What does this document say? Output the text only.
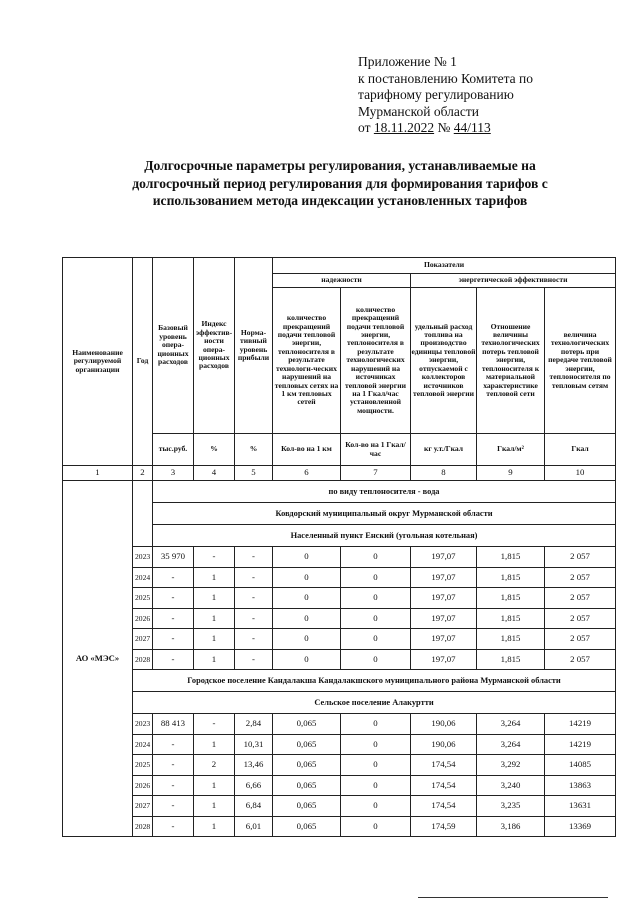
Приложение № 1
к постановлению Комитета по
тарифному регулированию
Мурманской области
от 18.11.2022 № 44/113
Долгосрочные параметры регулирования, устанавливаемые на
долгосрочный период регулирования для формирования тарифов с
использованием метода индексации установленных тарифов
Наименование регулируемой организации	Год	Базовый уровень опера-ционных расходов	Индекс эффектив-ности опера-ционных расходов	Норма-тивный уровень прибыли	Показатели				
					надежности		энергетической эффективности		
					количество прекращений подачи тепловой энергии, теплоносителя в результате технологи-ческих нарушений на тепловых сетях на 1 км тепловых сетей	количество прекращений подачи тепловой энергии, теплоносителя в результате технологических нарушений на источниках тепловой энергии на 1 Гкал/час установленной мощности.	удельный расход топлива на производство единицы тепловой энергии, отпускаемой с коллекторов источников тепловой энергии	Отношение величины технологических потерь тепловой энергии, теплоносителя к материальной характеристике тепловой сети	величина технологических потерь при передаче тепловой энергии, теплоносителя по тепловым сетям
		тыс.руб.	%	%	Кол-во на 1 км	Кол-во на 1 Гкал/час	кг у.т./Гкал	Гкал/м²	Гкал
1	2	3	4	5	6	7	8	9	10
АО «МЭС»		по виду теплоносителя - вода							
		Ковдорский муниципальный округ Мурманской области							
		Населенный пункт Енский (угольная котельная)							
	2023	35 970	-	-	0	0	197,07	1,815	2 057
	2024	-	1	-	0	0	197,07	1,815	2 057
	2025	-	1	-	0	0	197,07	1,815	2 057
	2026	-	1	-	0	0	197,07	1,815	2 057
	2027	-	1	-	0	0	197,07	1,815	2 057
	2028	-	1	-	0	0	197,07	1,815	2 057
	Городское поселение Кандалакша Кандалакшского муниципального района Мурманской области								
	Сельское поселение Алакуртти								
	2023	88 413	-	2,84	0,065	0	190,06	3,264	14219
	2024	-	1	10,31	0,065	0	190,06	3,264	14219
	2025	-	2	13,46	0,065	0	174,54	3,292	14085
	2026	-	1	6,66	0,065	0	174,54	3,240	13863
	2027	-	1	6,84	0,065	0	174,54	3,235	13631
	2028	-	1	6,01	0,065	0	174,59	3,186	13369
